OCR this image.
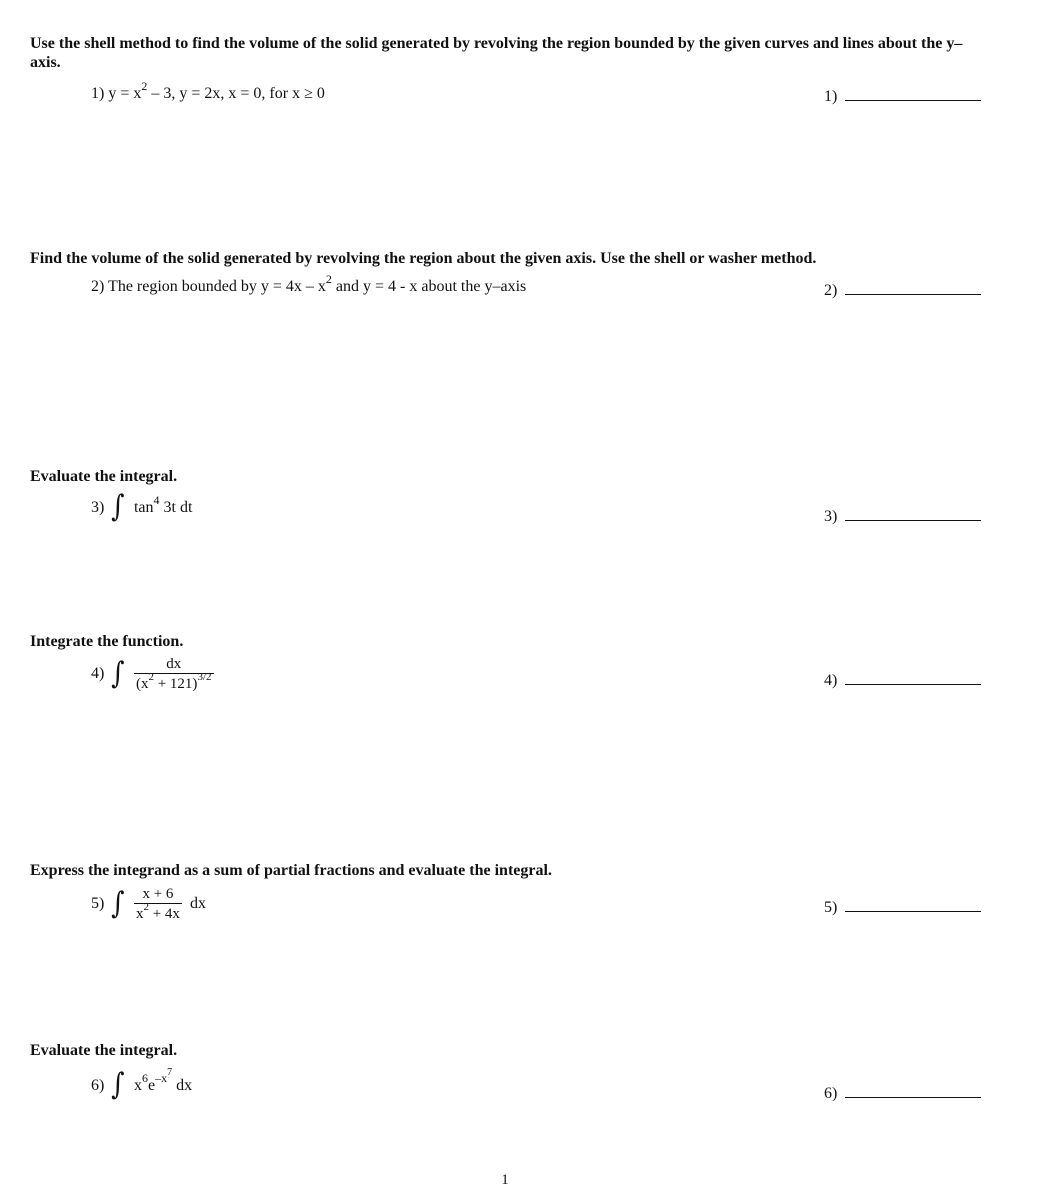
Use the shell method to find the volume of the solid generated by revolving the region bounded by the given curves and lines about the y–axis.
1) $y = x^2 - 3$, y = 2x, x = 0, for x ≥ 0	1)
Find the volume of the solid generated by revolving the region about the given axis. Use the shell or washer method.
2) The region bounded by $y = 4x - x^2$ and y = 4 - x about the y–axis	2)
Evaluate the integral.
3) ∫ $\tan^4 3t$ dt
3)
Integrate the function.
4) ∫ $\frac{dx}{(x^2 + 121)^{3/2}}$	4)
Express the integrand as a sum of partial fractions and evaluate the integral.
5) ∫ $\frac{x + 6}{x^2 + 4x}$ dx	5)
Evaluate the integral.
6) ∫ $x^6e^{-x^7}$ dx	6)
1
